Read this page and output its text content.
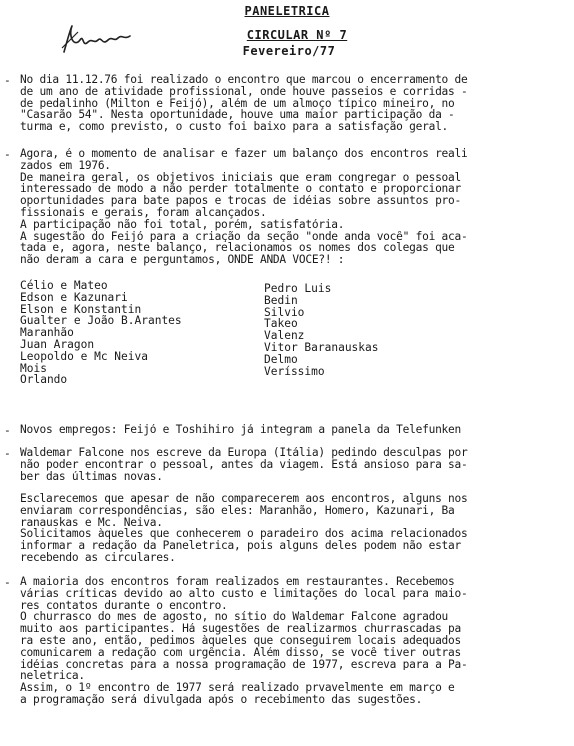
PANELETRICA
CIRCULAR Nº 7
Fevereiro/77
- No dia 11.12.76 foi realizado o encontro que marcou o encerramento de
de um ano de atividade profissional, onde houve passeios e corridas -
de pedalinho (Milton e Feijó), além de um almoço típico mineiro, no
"Casarão 54". Nesta oportunidade, houve uma maior participação da -
turma e, como previsto, o custo foi baixo para a satisfação geral.
- Agora, é o momento de analisar e fazer um balanço dos encontros reali
zados em 1976.
De maneira geral, os objetivos iniciais que eram congregar o pessoal
interessado de modo a não perder totalmente o contato e proporcionar
oportunidades para bate papos e trocas de idéias sobre assuntos pro-
fissionais e gerais, foram alcançados.
A participação não foi total, porém, satisfatória.
A sugestão do Feijó para a criação da seção "onde anda você" foi aca-
tada e, agora, neste balanço, relacionamos os nomes dos colegas que
não deram a cara e perguntamos, ONDE ANDA VOCÊ?! :
Célio e Mateo
Edson e Kazunari
Elson e Konstantin
Gualter e João B.Arantes
Maranhão
Juan Aragon
Leopoldo e Mc Neiva
Mois
Orlando
Pedro Luis
Bedin
Silvio
Takeo
Valenz
Vitor Baranauskas
Delmo
Veríssimo
- Novos empregos: Feijó e Toshihiro já integram a panela da Telefunken
- Waldemar Falcone nos escreve da Europa (Itália) pedindo desculpas por
não poder encontrar o pessoal, antes da viagem. Está ansioso para sa-
ber das últimas novas.
Esclarecemos que apesar de não comparecerem aos encontros, alguns nos
enviaram correspondências, são eles: Maranhão, Homero, Kazunari, Ba
ranauskas e Mc. Neiva.
Solicitamos àqueles que conhecerem o paradeiro dos acima relacionados
informar a redação da Paneletrica, pois alguns deles podem não estar
recebendo as circulares.
- A maioria dos encontros foram realizados em restaurantes. Recebemos
várias críticas devido ao alto custo e limitações do local para maio-
res contatos durante o encontro.
O churrasco do mes de agosto, no sítio do Waldemar Falcone agradou
muito aos participantes. Há sugestões de realizarmos churrascadas pa
ra este ano, então, pedimos àqueles que conseguirem locais adequados
comunicarem a redação com urgência. Além disso, se você tiver outras
idéias concretas para a nossa programação de 1977, escreva para a Pa-
neletrica.
Assim, o 1º encontro de 1977 será realizado prvavelmente em março e
a programação será divulgada após o recebimento das sugestões.
